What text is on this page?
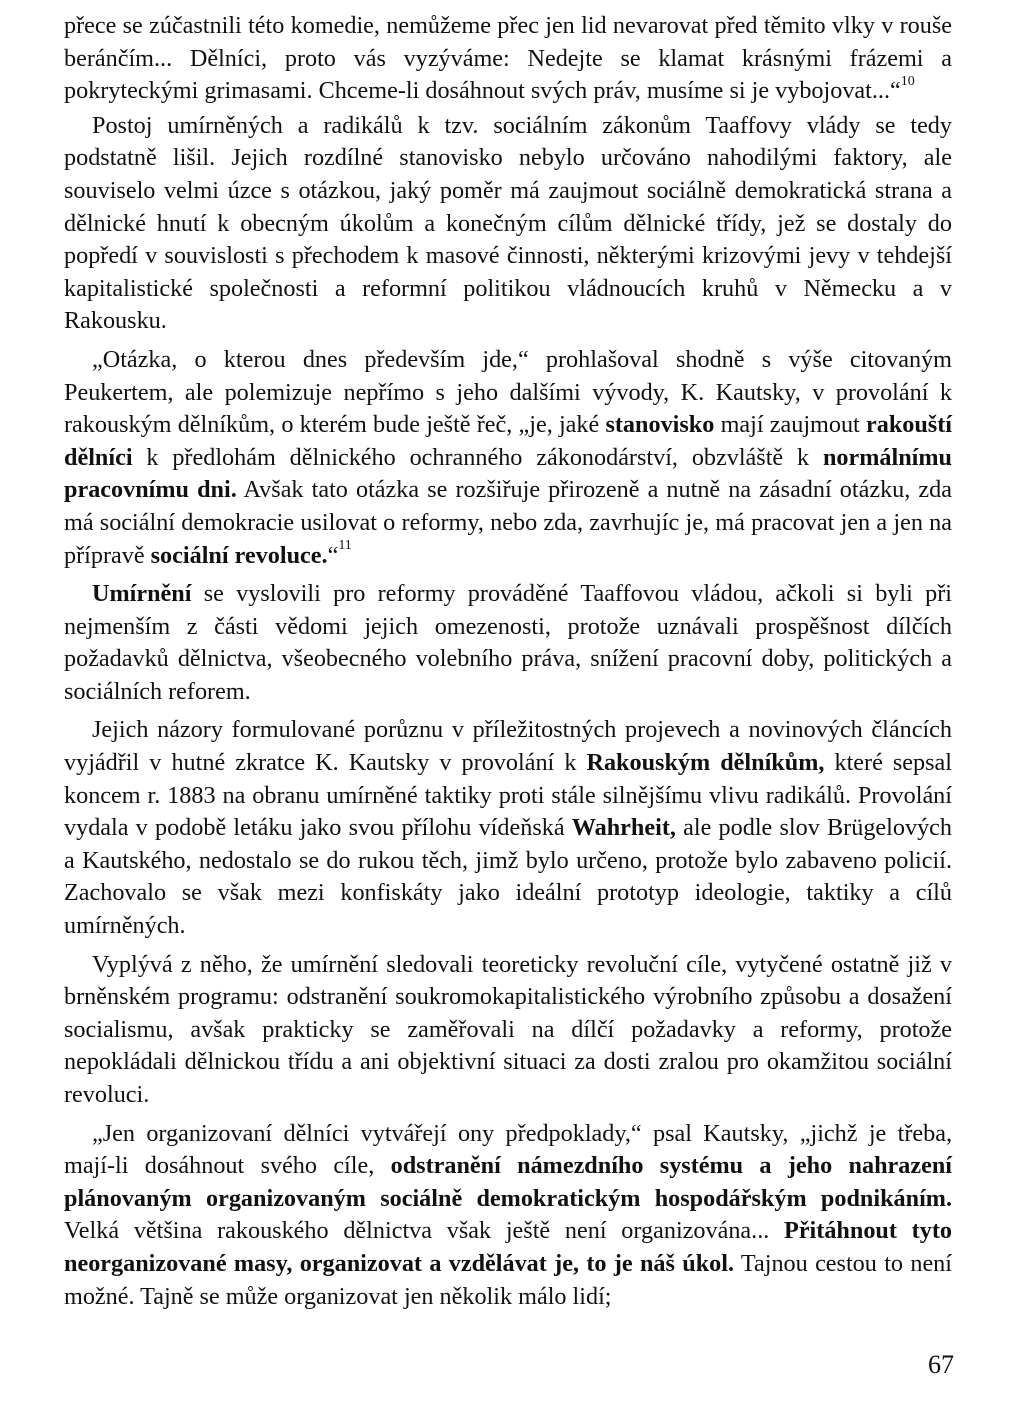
přece se zúčastnili této komedie, nemůžeme přec jen lid nevarovat před těmito vlky v rouše beránčím... Dělníci, proto vás vyzýváme: Nedejte se klamat krásnými frázemi a pokryteckými grimasami. Chceme-li dosáhnout svých práv, musíme si je vybojovat...“$^{10}$

Postoj umírněných a radikálů k tzv. sociálním zákonům Taaffovy vlády se tedy podstatně lišil. Jejich rozdílné stanovisko nebylo určováno nahodilými faktory, ale souviselo velmi úzce s otázkou, jaký poměr má zaujmout sociálně demokratická strana a dělnické hnutí k obecným úkolům a konečným cílům dělnické třídy, jež se dostaly do popředí v souvislosti s přechodem k masové činnosti, některými krizovými jevy v tehdejší kapitalistické společnosti a reformní politikou vládnoucích kruhů v Německu a v Rakousku.

„Otázka, o kterou dnes především jde,“ prohlašoval shodně s výše citovaným Peukertem, ale polemizuje nepřímo s jeho dalšími vývody, K. Kautsky, v provolání k rakouským dělníkům, o kterém bude ještě řeč, „je, jaké stanovisko mají zaujmout rakouští dělníci k předlohám dělnického ochranného zákonodárství, obzvláště k normálnímu pracovnímu dni. Avšak tato otázka se rozšiřuje přirozeně a nutně na zásadní otázku, zda má sociální demokracie usilovat o reformy, nebo zda, zavrhujíc je, má pracovat jen a jen na přípravě sociální revoluce.“$^{11}$

Umírnění se vyslovili pro reformy prováděné Taaffovou vládou, ačkoli si byli při nejmenším z části vědomi jejich omezenosti, protože uznávali prospěšnost dílčích požadavků dělnictva, všeobecného volebního práva, snížení pracovní doby, politických a sociálních reforem.

Jejich názory formulované porůznu v příležitostných projevech a novinových článcích vyjádřil v hutné zkratce K. Kautsky v provolání k Rakouským dělníkům, které sepsal koncem r. 1883 na obranu umírněné taktiky proti stále silnějšímu vlivu radikálů. Provolání vydala v podobě letáku jako svou přílohu vídeňská Wahrheit, ale podle slov Brügelových a Kautského, nedostalo se do rukou těch, jimž bylo určeno, protože bylo zabaveno policií. Zachovalo se však mezi konfiskáty jako ideální prototyp ideologie, taktiky a cílů umírněných.

Vyplývá z něho, že umírnění sledovali teoreticky revoluční cíle, vytyčené ostatně již v brněnském programu: odstranění soukromokapitalistického výrobního způsobu a dosažení socialismu, avšak prakticky se zaměřovali na dílčí požadavky a reformy, protože nepokládali dělnickou třídu a ani objektivní situaci za dosti zralou pro okamžitou sociální revoluci.

„Jen organizovaní dělníci vytvářejí ony předpoklady,“ psal Kautsky, „jichž je třeba, mají-li dosáhnout svého cíle, odstranění námezdního systému a jeho nahrazení plánovaným organizovaným sociálně demokratickým hospodářským podnikáním. Velká většina rakouského dělnictva však ještě není organizována... Přitáhnout tyto neorganizované masy, organizovat a vzdělávat je, to je náš úkol. Tajnou cestou to není možné. Tajně se může organizovat jen několik málo lidí;

67
